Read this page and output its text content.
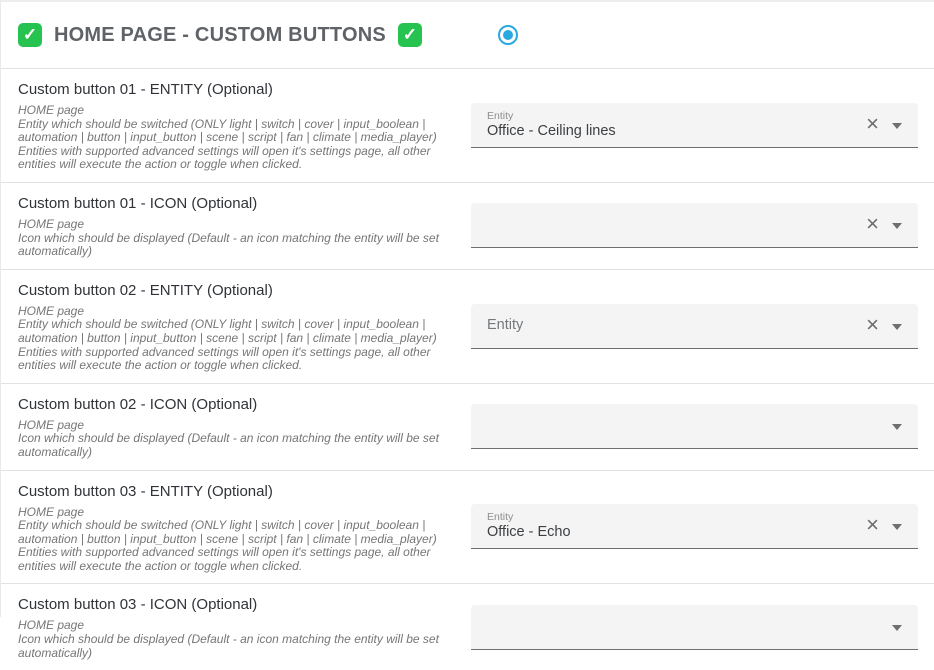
✓ HOME PAGE - CUSTOM BUTTONS ✓
Custom button 01 - ENTITY (Optional)
HOME page
Entity which should be switched (ONLY light | switch | cover | input_boolean | automation | button | input_button | scene | script | fan | climate | media_player)
Entities with supported advanced settings will open it's settings page, all other entities will execute the action or toggle when clicked.
Entity
Office - Ceiling lines	×
Custom button 01 - ICON (Optional)
HOME page
Icon which should be displayed (Default - an icon matching the entity will be set automatically)
×
Custom button 02 - ENTITY (Optional)
HOME page
Entity which should be switched (ONLY light | switch | cover | input_boolean | automation | button | input_button | scene | script | fan | climate | media_player)
Entities with supported advanced settings will open it's settings page, all other entities will execute the action or toggle when clicked.
Entity	×
Custom button 02 - ICON (Optional)
HOME page
Icon which should be displayed (Default - an icon matching the entity will be set automatically)
Custom button 03 - ENTITY (Optional)
HOME page
Entity which should be switched (ONLY light | switch | cover | input_boolean | automation | button | input_button | scene | script | fan | climate | media_player)
Entities with supported advanced settings will open it's settings page, all other entities will execute the action or toggle when clicked.
Entity
Office - Echo	×
Custom button 03 - ICON (Optional)
HOME page
Icon which should be displayed (Default - an icon matching the entity will be set automatically)
